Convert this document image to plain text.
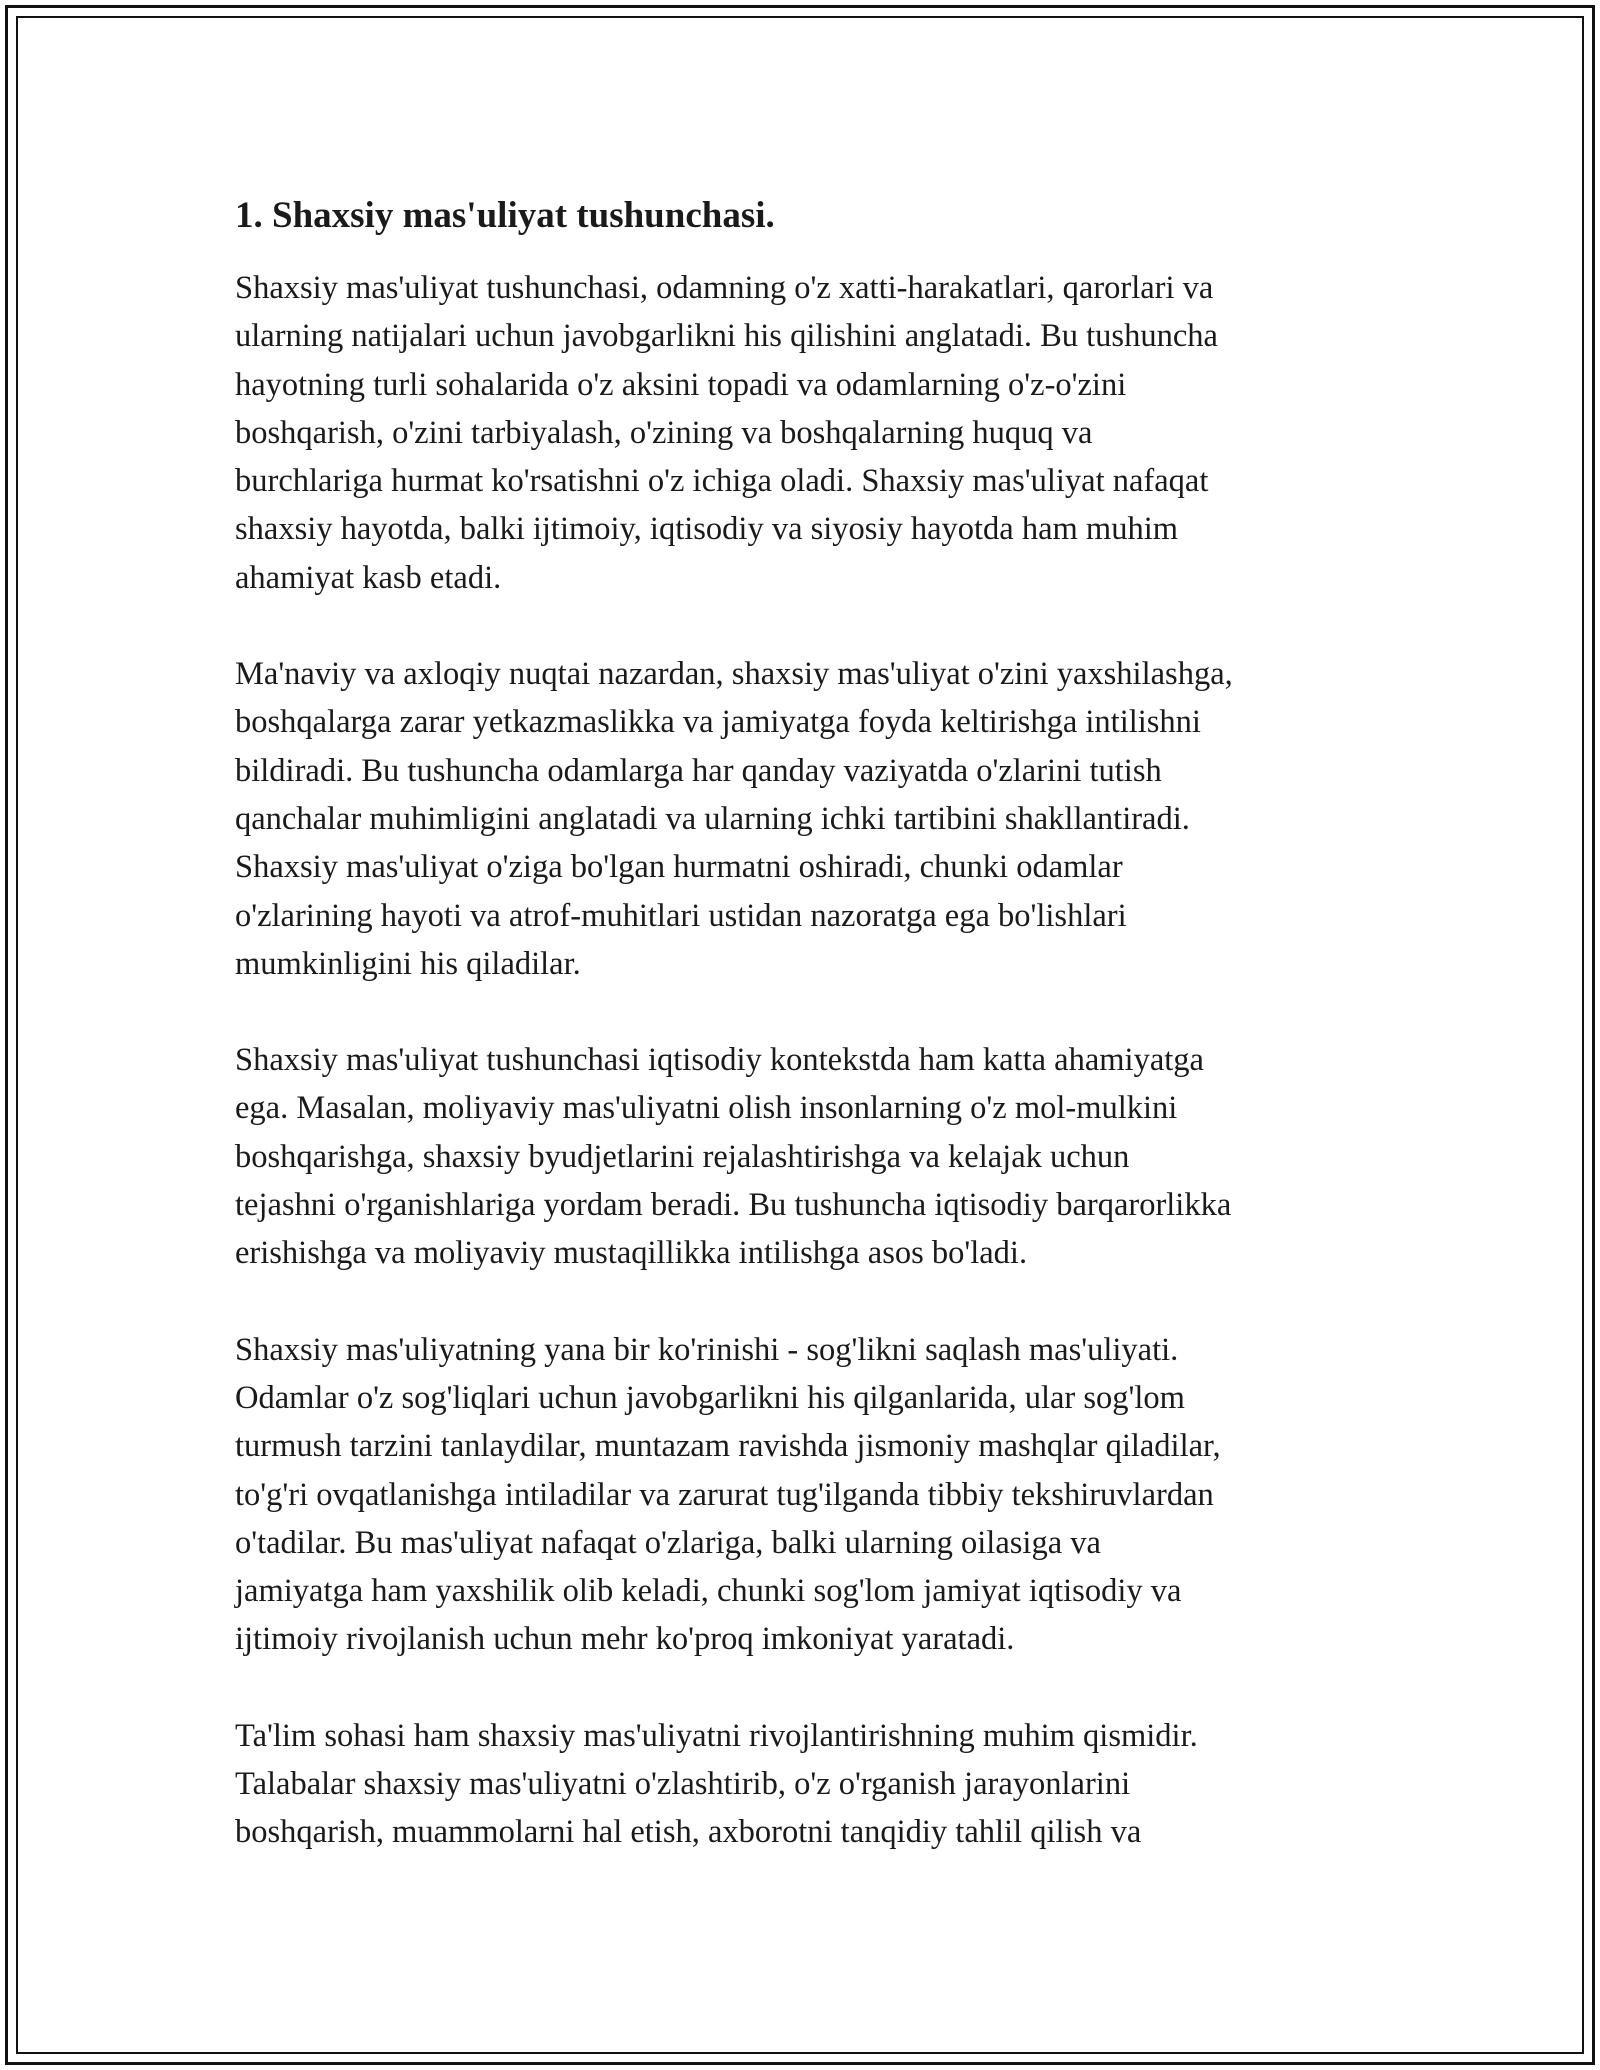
1. Shaxsiy mas'uliyat tushunchasi.

Shaxsiy mas'uliyat tushunchasi, odamning o'z xatti-harakatlari, qarorlari va
ularning natijalari uchun javobgarlikni his qilishini anglatadi. Bu tushuncha
hayotning turli sohalarida o'z aksini topadi va odamlarning o'z-o'zini
boshqarish, o'zini tarbiyalash, o'zining va boshqalarning huquq va
burchlariga hurmat ko'rsatishni o'z ichiga oladi. Shaxsiy mas'uliyat nafaqat
shaxsiy hayotda, balki ijtimoiy, iqtisodiy va siyosiy hayotda ham muhim
ahamiyat kasb etadi.

Ma'naviy va axloqiy nuqtai nazardan, shaxsiy mas'uliyat o'zini yaxshilashga,
boshqalarga zarar yetkazmaslikka va jamiyatga foyda keltirishga intilishni
bildiradi. Bu tushuncha odamlarga har qanday vaziyatda o'zlarini tutish
qanchalar muhimligini anglatadi va ularning ichki tartibini shakllantiradi.
Shaxsiy mas'uliyat o'ziga bo'lgan hurmatni oshiradi, chunki odamlar
o'zlarining hayoti va atrof-muhitlari ustidan nazoratga ega bo'lishlari
mumkinligini his qiladilar.

Shaxsiy mas'uliyat tushunchasi iqtisodiy kontekstda ham katta ahamiyatga
ega. Masalan, moliyaviy mas'uliyatni olish insonlarning o'z mol-mulkini
boshqarishga, shaxsiy byudjetlarini rejalashtirishga va kelajak uchun
tejashni o'rganishlariga yordam beradi. Bu tushuncha iqtisodiy barqarorlikka
erishishga va moliyaviy mustaqillikka intilishga asos bo'ladi.

Shaxsiy mas'uliyatning yana bir ko'rinishi - sog'likni saqlash mas'uliyati.
Odamlar o'z sog'liqlari uchun javobgarlikni his qilganlarida, ular sog'lom
turmush tarzini tanlaydilar, muntazam ravishda jismoniy mashqlar qiladilar,
to'g'ri ovqatlanishga intiladilar va zarurat tug'ilganda tibbiy tekshiruvlardan
o'tadilar. Bu mas'uliyat nafaqat o'zlariga, balki ularning oilasiga va
jamiyatga ham yaxshilik olib keladi, chunki sog'lom jamiyat iqtisodiy va
ijtimoiy rivojlanish uchun mehr ko'proq imkoniyat yaratadi.

Ta'lim sohasi ham shaxsiy mas'uliyatni rivojlantirishning muhim qismidir.
Talabalar shaxsiy mas'uliyatni o'zlashtirib, o'z o'rganish jarayonlarini
boshqarish, muammolarni hal etish, axborotni tanqidiy tahlil qilish va
